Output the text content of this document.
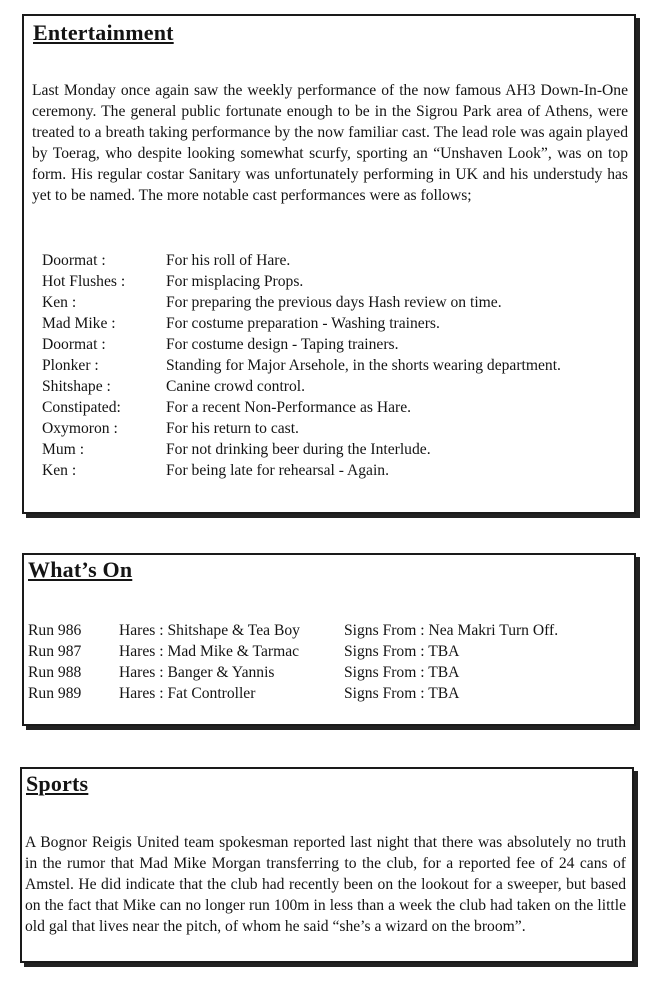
Entertainment

Last Monday once again saw the weekly performance of the now famous AH3 Down-In-One ceremony. The general public fortunate enough to be in the Sigrou Park area of Athens, were treated to a breath taking performance by the now familiar cast. The lead role was again played by Toerag, who despite looking somewhat scurfy, sporting an “Unshaven Look”, was on top form. His regular costar Sanitary was unfortunately performing in UK and his understudy has yet to be named. The more notable cast performances were as follows;

Doormat :	For his roll of Hare.
Hot Flushes :	For misplacing Props.
Ken :	For preparing the previous days Hash review on time.
Mad Mike :	For costume preparation - Washing trainers.
Doormat :	For costume design - Taping trainers.
Plonker :	Standing for Major Arsehole, in the shorts wearing department.
Shitshape :	Canine crowd control.
Constipated:	For a recent Non-Performance as Hare.
Oxymoron :	For his return to cast.
Mum :	For not drinking beer during the Interlude.
Ken :	For being late for rehearsal - Again.
What’s On
Run 986	Hares : Shitshape & Tea Boy	Signs From : Nea Makri Turn Off.
Run 987	Hares : Mad Mike & Tarmac	Signs From : TBA
Run 988	Hares : Banger & Yannis	Signs From : TBA
Run 989	Hares : Fat Controller	Signs From : TBA
Sports

A Bognor Reigis United team spokesman reported last night that there was absolutely no truth in the rumor that Mad Mike Morgan transferring to the club, for a reported fee of 24 cans of Amstel. He did indicate that the club had recently been on the lookout for a sweeper, but based on the fact that Mike can no longer run 100m in less than a week the club had taken on the little old gal that lives near the pitch, of whom he said “she’s a wizard on the broom”.
